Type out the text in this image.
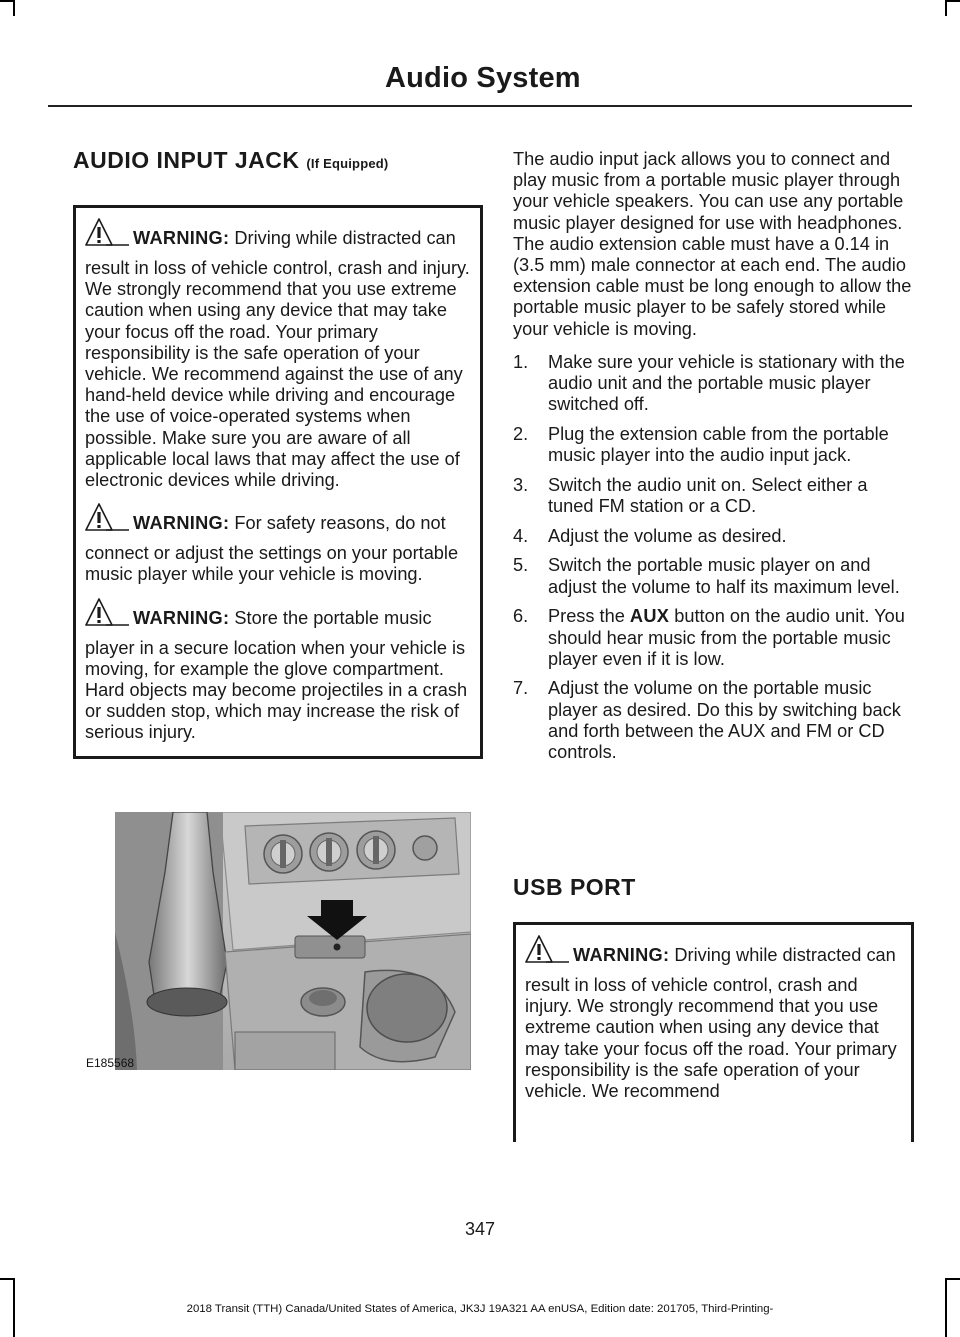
Audio System
AUDIO INPUT JACK (If Equipped)

WARNING: Driving while distracted can result in loss of vehicle control, crash and injury. We strongly recommend that you use extreme caution when using any device that may take your focus off the road. Your primary responsibility is the safe operation of your vehicle. We recommend against the use of any hand-held device while driving and encourage the use of voice-operated systems when possible. Make sure you are aware of all applicable local laws that may affect the use of electronic devices while driving.

WARNING: For safety reasons, do not connect or adjust the settings on your portable music player while your vehicle is moving.

WARNING: Store the portable music player in a secure location when your vehicle is moving, for example the glove compartment. Hard objects may become projectiles in a crash or sudden stop, which may increase the risk of serious injury.

E185568

The audio input jack allows you to connect and play music from a portable music player through your vehicle speakers. You can use any portable music player designed for use with headphones. The audio extension cable must have a 0.14 in (3.5 mm) male connector at each end. The audio extension cable must be long enough to allow the portable music player to be safely stored while your vehicle is moving.

1. Make sure your vehicle is stationary with the audio unit and the portable music player switched off.
2. Plug the extension cable from the portable music player into the audio input jack.
3. Switch the audio unit on. Select either a tuned FM station or a CD.
4. Adjust the volume as desired.
5. Switch the portable music player on and adjust the volume to half its maximum level.
6. Press the AUX button on the audio unit. You should hear music from the portable music player even if it is low.
7. Adjust the volume on the portable music player as desired. Do this by switching back and forth between the AUX and FM or CD controls.
USB PORT

WARNING: Driving while distracted can result in loss of vehicle control, crash and injury. We strongly recommend that you use extreme caution when using any device that may take your focus off the road. Your primary responsibility is the safe operation of your vehicle. We recommend

347
2018 Transit (TTH) Canada/United States of America, JK3J 19A321 AA enUSA, Edition date: 201705, Third-Printing-
